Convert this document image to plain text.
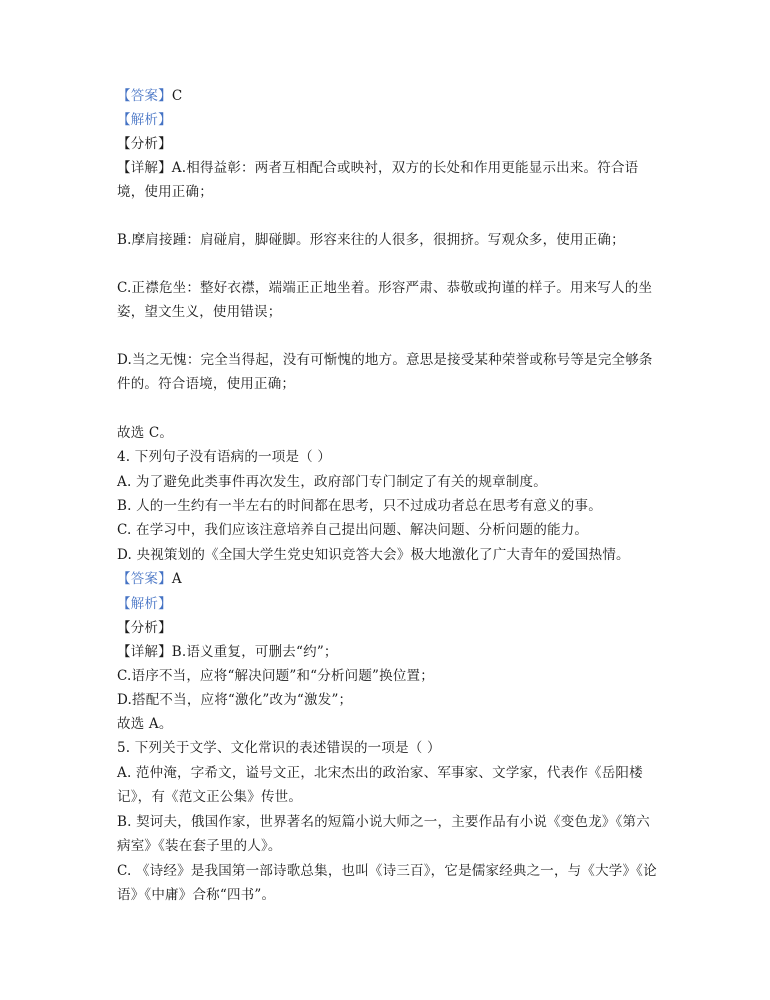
【答案】C
【解析】
【分析】
【详解】A.相得益彰：两者互相配合或映衬，双方的长处和作用更能显示出来。符合语
境，使用正确；
B.摩肩接踵：肩碰肩，脚碰脚。形容来往的人很多，很拥挤。写观众多，使用正确；
C.正襟危坐：整好衣襟，端端正正地坐着。形容严肃、恭敬或拘谨的样子。用来写人的坐
姿，望文生义，使用错误；
D.当之无愧：完全当得起，没有可惭愧的地方。意思是接受某种荣誉或称号等是完全够条
件的。符合语境，使用正确；
故选 C。
4. 下列句子没有语病的一项是（ ）
A. 为了避免此类事件再次发生，政府部门专门制定了有关的规章制度。
B. 人的一生约有一半左右的时间都在思考，只不过成功者总在思考有意义的事。
C. 在学习中，我们应该注意培养自己提出问题、解决问题、分析问题的能力。
D. 央视策划的《全国大学生党史知识竞答大会》极大地激化了广大青年的爱国热情。
【答案】A
【解析】
【分析】
【详解】B.语义重复，可删去“约”；
C.语序不当，应将“解决问题”和“分析问题”换位置；
D.搭配不当，应将“激化”改为“激发”；
故选 A。
5. 下列关于文学、文化常识的表述错误的一项是（ ）
A. 范仲淹，字希文，谥号文正，北宋杰出的政治家、军事家、文学家，代表作《岳阳楼
记》，有《范文正公集》传世。
B. 契诃夫，俄国作家，世界著名的短篇小说大师之一，主要作品有小说《变色龙》《第六
病室》《装在套子里的人》。
C. 《诗经》是我国第一部诗歌总集，也叫《诗三百》，它是儒家经典之一，与《大学》《论
语》《中庸》合称“四书”。
